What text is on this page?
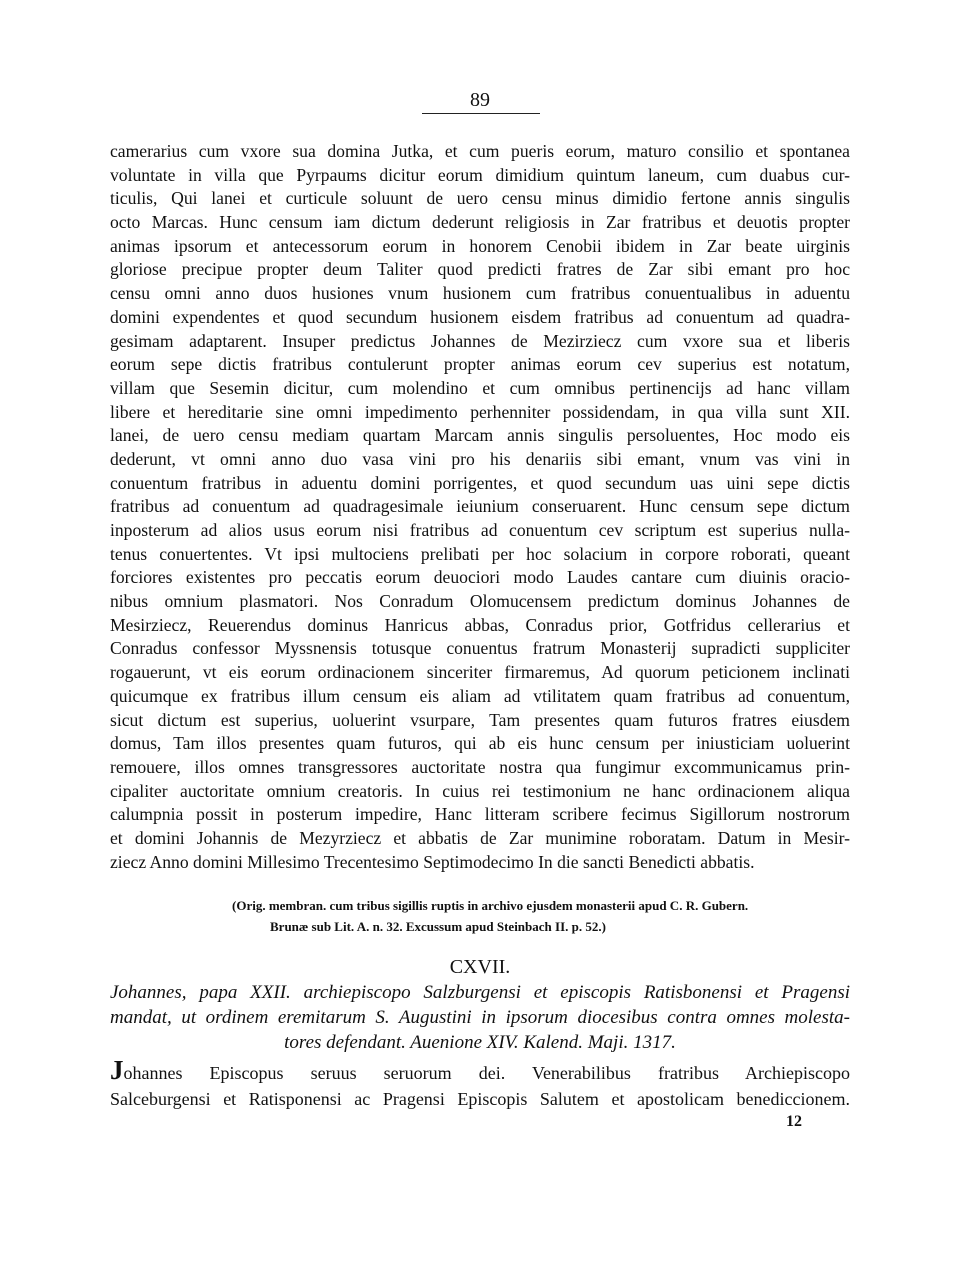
89
camerarius cum vxore sua domina Jutka, et cum pueris eorum, maturo consilio et spontanea
voluntate in villa que Pyrpaums dicitur eorum dimidium quintum laneum, cum duabus cur-
ticulis, Qui lanei et curticule soluunt de uero censu minus dimidio fertone annis singulis
octo Marcas. Hunc censum iam dictum dederunt religiosis in Zar fratribus et deuotis propter
animas ipsorum et antecessorum eorum in honorem Cenobii ibidem in Zar beate uirginis
gloriose precipue propter deum Taliter quod predicti fratres de Zar sibi emant pro hoc
censu omni anno duos husiones vnum husionem cum fratribus conuentualibus in aduentu
domini expendentes et quod secundum husionem eisdem fratribus ad conuentum ad quadra-
gesimam adaptarent. Insuper predictus Johannes de Mezirziecz cum vxore sua et liberis
eorum sepe dictis fratribus contulerunt propter animas eorum cev superius est notatum,
villam que Sesemin dicitur, cum molendino et cum omnibus pertinencijs ad hanc villam
libere et hereditarie sine omni impedimento perhenniter possidendam, in qua villa sunt XII.
lanei, de uero censu mediam quartam Marcam annis singulis persoluentes, Hoc modo eis
dederunt, vt omni anno duo vasa vini pro his denariis sibi emant, vnum vas vini in
conuentum fratribus in aduentu domini porrigentes, et quod secundum uas uini sepe dictis
fratribus ad conuentum ad quadragesimale ieiunium conseruarent. Hunc censum sepe dictum
inposterum ad alios usus eorum nisi fratribus ad conuentum cev scriptum est superius nulla-
tenus conuertentes. Vt ipsi multociens prelibati per hoc solacium in corpore roborati, queant
forciores existentes pro peccatis eorum deuociori modo Laudes cantare cum diuinis oracio-
nibus omnium plasmatori. Nos Conradum Olomucensem predictum dominus Johannes de
Mesirziecz, Reuerendus dominus Hanricus abbas, Conradus prior, Gotfridus cellerarius et
Conradus confessor Myssnensis totusque conuentus fratrum Monasterij supradicti suppliciter
rogauerunt, vt eis eorum ordinacionem sinceriter firmaremus, Ad quorum peticionem inclinati
quicumque ex fratribus illum censum eis aliam ad vtilitatem quam fratribus ad conuentum,
sicut dictum est superius, uoluerint vsurpare, Tam presentes quam futuros fratres eiusdem
domus, Tam illos presentes quam futuros, qui ab eis hunc censum per iniusticiam uoluerint
remouere, illos omnes transgressores auctoritate nostra qua fungimur excommunicamus prin-
cipaliter auctoritate omnium creatoris. In cuius rei testimonium ne hanc ordinacionem aliqua
calumpnia possit in posterum impedire, Hanc litteram scribere fecimus Sigillorum nostrorum
et domini Johannis de Mezyrziecz et abbatis de Zar munimine roboratam. Datum in Mesir-
ziecz Anno domini Millesimo Trecentesimo Septimodecimo In die sancti Benedicti abbatis.
(Orig. membran. cum tribus sigillis ruptis in archivo ejusdem monasterii apud C. R. Gubern.
Brunæ sub Lit. A. n. 32. Excussum apud Steinbach II. p. 52.)
CXVII.
Johannes, papa XXII. archiepiscopo Salzburgensi et episcopis Ratisbonensi et Pragensi
mandat, ut ordinem eremitarum S. Augustini in ipsorum diocesibus contra omnes molesta-
tores defendant. Auenione XIV. Kalend. Maji. 1317.
Johannes Episcopus seruus seruorum dei. Venerabilibus fratribus Archiepiscopo
Salceburgensi et Ratisponensi ac Pragensi Episcopis Salutem et apostolicam benediccionem.
12
